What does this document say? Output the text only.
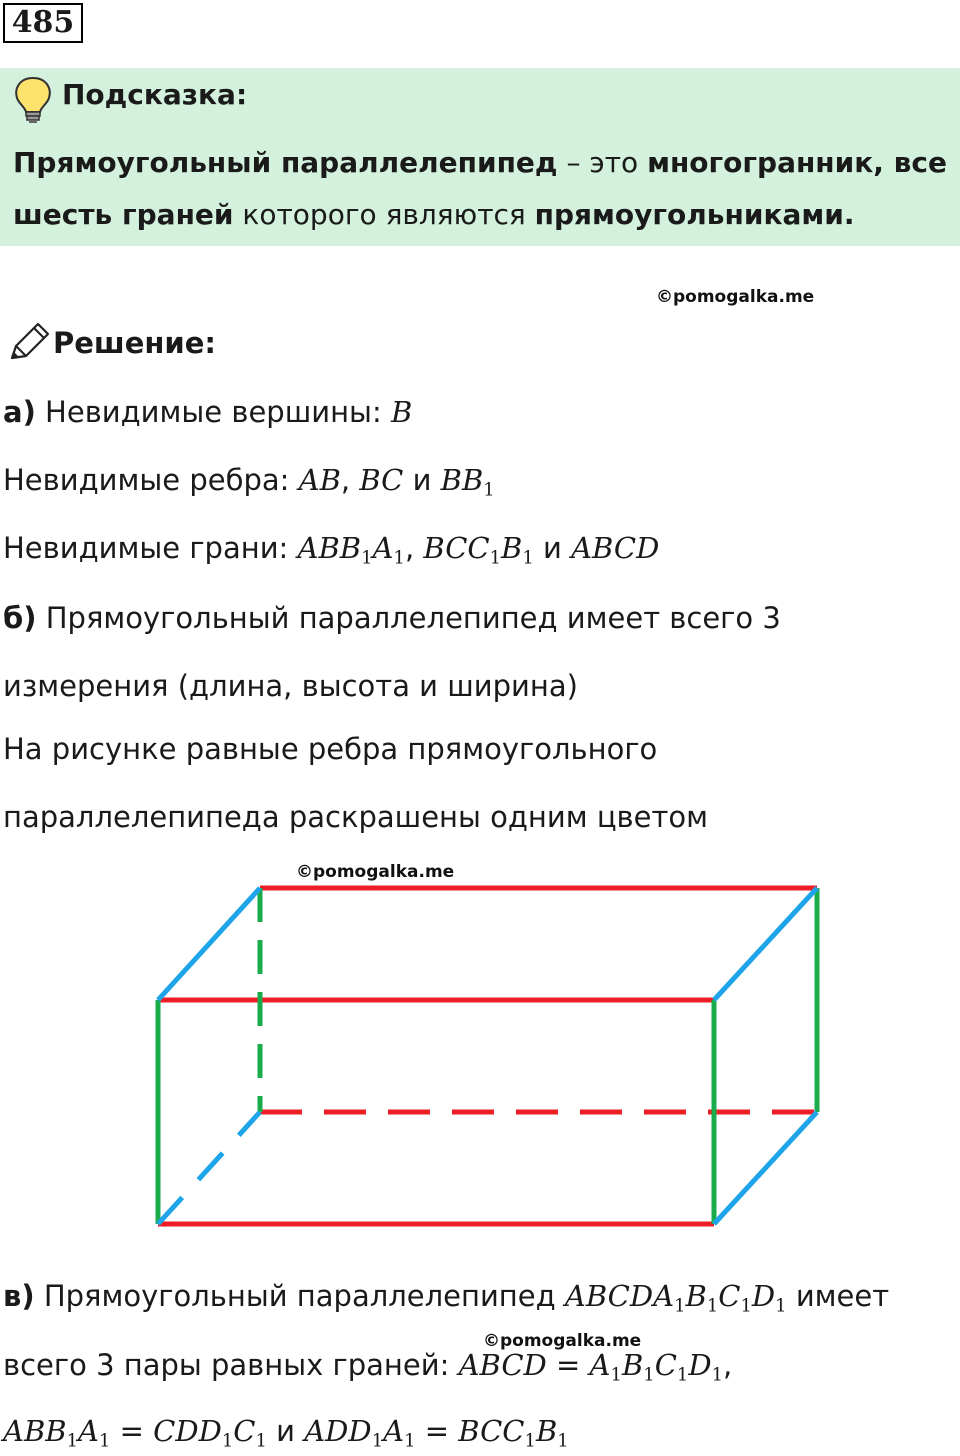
485
Подсказка:
Прямоугольный параллелепипед – это многогранник, все
шесть граней которого являются прямоугольниками.
©pomogalka.me
Решение:
а) Невидимые вершины: B
Невидимые ребра: AB, BC и $BB_1$
Невидимые грани: $ABB_1A_1$, $BCC_1B_1$ и ABCD
б) Прямоугольный параллелепипед имеет всего 3
измерения (длина, высота и ширина)
На рисунке равные ребра прямоугольного
параллелепипеда раскрашены одним цветом
©pomogalka.me
в) Прямоугольный параллелепипед $ABCDA_1B_1C_1D_1$ имеет
©pomogalka.me
всего 3 пары равных граней: ABCD = $A_1B_1C_1D_1$,
$ABB_1A_1 = CDD_1C_1$ и $ADD_1A_1 = BCC_1B_1$
